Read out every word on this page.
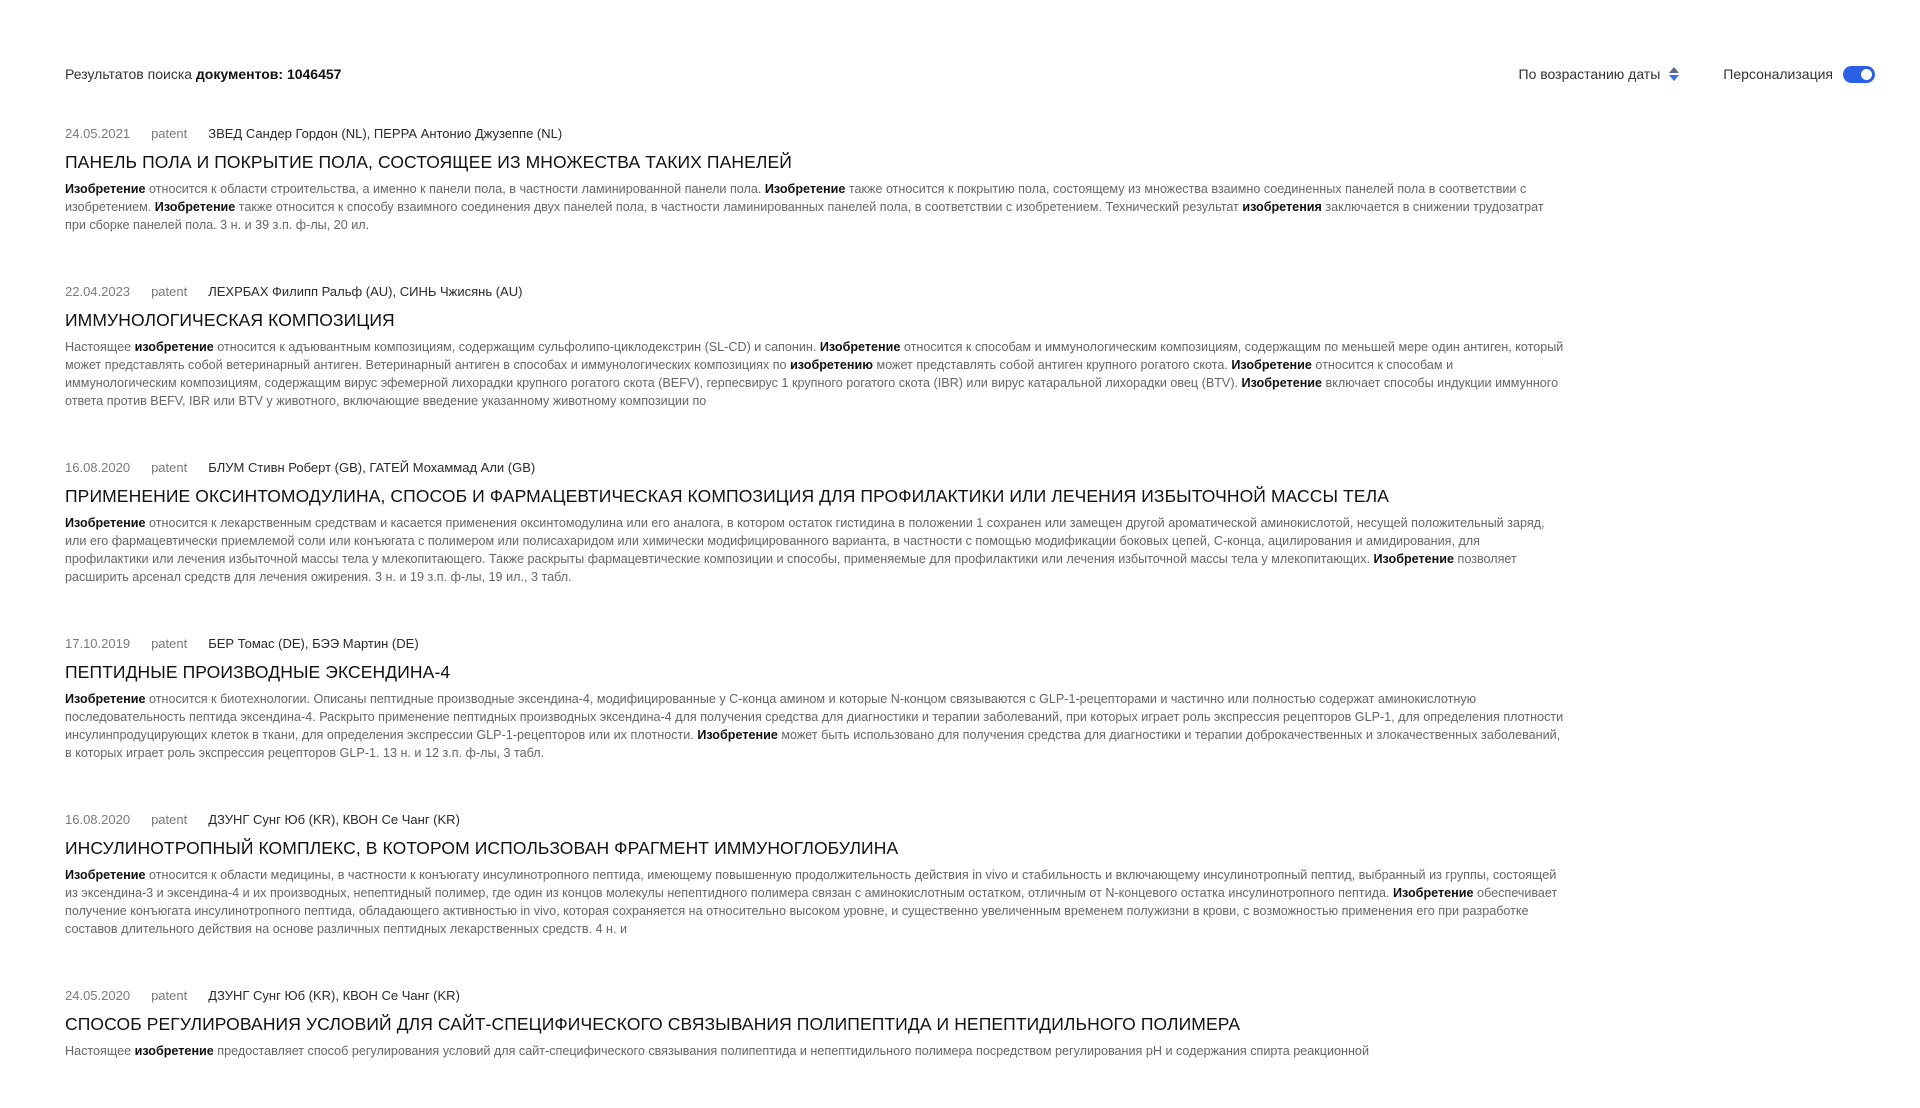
Результатов поиска документов: 1046457	По возрастанию даты	Персонализация
24.05.2021 patent ЗВЕД Сандер Гордон (NL), ПЕРРА Антонио Джузеппе (NL)
ПАНЕЛЬ ПОЛА И ПОКРЫТИЕ ПОЛА, СОСТОЯЩЕЕ ИЗ МНОЖЕСТВА ТАКИХ ПАНЕЛЕЙ
Изобретение относится к области строительства, а именно к панели пола, в частности ламинированной панели пола. Изобретение также относится к покрытию пола, состоящему из множества взаимно соединенных панелей пола в соответствии с изобретением. Изобретение также относится к способу взаимного соединения двух панелей пола, в частности ламинированных панелей пола, в соответствии с изобретением. Технический результат изобретения заключается в снижении трудозатрат при сборке панелей пола. 3 н. и 39 з.п. ф-лы, 20 ил.
22.04.2023 patent ЛЕХРБАХ Филипп Ральф (AU), СИНЬ Чжисянь (AU)
ИММУНОЛОГИЧЕСКАЯ КОМПОЗИЦИЯ
Настоящее изобретение относится к адъювантным композициям, содержащим сульфолипо-циклодекстрин (SL-CD) и сапонин. Изобретение относится к способам и иммунологическим композициям, содержащим по меньшей мере один антиген, который может представлять собой ветеринарный антиген. Ветеринарный антиген в способах и иммунологических композициях по изобретению может представлять собой антиген крупного рогатого скота. Изобретение относится к способам и иммунологическим композициям, содержащим вирус эфемерной лихорадки крупного рогатого скота (BEFV), герпесвирус 1 крупного рогатого скота (IBR) или вирус катаральной лихорадки овец (BTV). Изобретение включает способы индукции иммунного ответа против BEFV, IBR или BTV у животного, включающие введение указанному животному композиции по
16.08.2020 patent БЛУМ Стивн Роберт (GB), ГАТЕЙ Мохаммад Али (GB)
ПРИМЕНЕНИЕ ОКСИНТОМОДУЛИНА, СПОСОБ И ФАРМАЦЕВТИЧЕСКАЯ КОМПОЗИЦИЯ ДЛЯ ПРОФИЛАКТИКИ ИЛИ ЛЕЧЕНИЯ ИЗБЫТОЧНОЙ МАССЫ ТЕЛА
Изобретение относится к лекарственным средствам и касается применения оксинтомодулина или его аналога, в котором остаток гистидина в положении 1 сохранен или замещен другой ароматической аминокислотой, несущей положительный заряд, или его фармацевтически приемлемой соли или конъюгата с полимером или полисахаридом или химически модифицированного варианта, в частности с помощью модификации боковых цепей, C-конца, ацилирования и амидирования, для профилактики или лечения избыточной массы тела у млекопитающего. Также раскрыты фармацевтические композиции и способы, применяемые для профилактики или лечения избыточной массы тела у млекопитающих. Изобретение позволяет расширить арсенал средств для лечения ожирения. 3 н. и 19 з.п. ф-лы, 19 ил., 3 табл.
17.10.2019 patent БЕР Томас (DE), БЭЭ Мартин (DE)
ПЕПТИДНЫЕ ПРОИЗВОДНЫЕ ЭКСЕНДИНА-4
Изобретение относится к биотехнологии. Описаны пептидные производные эксендина-4, модифицированные у С-конца амином и которые N-концом связываются с GLP-1-рецепторами и частично или полностью содержат аминокислотную последовательность пептида эксендина-4. Раскрыто применение пептидных производных эксендина-4 для получения средства для диагностики и терапии заболеваний, при которых играет роль экспрессия рецепторов GLP-1, для определения плотности инсулинпродуцирующих клеток в ткани, для определения экспрессии GLP-1-рецепторов или их плотности. Изобретение может быть использовано для получения средства для диагностики и терапии доброкачественных и злокачественных заболеваний, в которых играет роль экспрессия рецепторов GLP-1. 13 н. и 12 з.п. ф-лы, 3 табл.
16.08.2020 patent ДЗУНГ Сунг Юб (KR), КВОН Се Чанг (KR)
ИНСУЛИНОТРОПНЫЙ КОМПЛЕКС, В КОТОРОМ ИСПОЛЬЗОВАН ФРАГМЕНТ ИММУНОГЛОБУЛИНА
Изобретение относится к области медицины, в частности к конъюгату инсулинотропного пептида, имеющему повышенную продолжительность действия in vivo и стабильность и включающему инсулинотропный пептид, выбранный из группы, состоящей из эксендина-3 и эксендина-4 и их производных, непептидный полимер, где один из концов молекулы непептидного полимера связан с аминокислотным остатком, отличным от N-концевого остатка инсулинотропного пептида. Изобретение обеспечивает получение конъюгата инсулинотропного пептида, обладающего активностью in vivo, которая сохраняется на относительно высоком уровне, и существенно увеличенным временем полужизни в крови, с возможностью применения его при разработке составов длительного действия на основе различных пептидных лекарственных средств. 4 н. и
24.05.2020 patent ДЗУНГ Сунг Юб (KR), КВОН Се Чанг (KR)
СПОСОБ РЕГУЛИРОВАНИЯ УСЛОВИЙ ДЛЯ САЙТ-СПЕЦИФИЧЕСКОГО СВЯЗЫВАНИЯ ПОЛИПЕПТИДА И НЕПЕПТИДИЛЬНОГО ПОЛИМЕРА
Настоящее изобретение предоставляет способ регулирования условий для сайт-специфического связывания полипептида и непептидильного полимера посредством регулирования pH и содержания спирта реакционной
